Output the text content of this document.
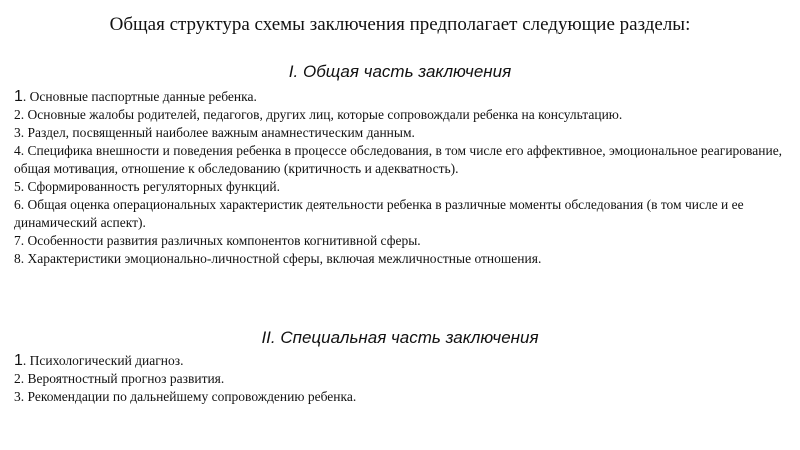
Общая структура схемы заключения предполагает следующие разделы:
I. Общая часть заключения
1. Основные паспортные данные ребенка.
2. Основные жалобы родителей, педагогов, других лиц, которые сопровождали ребенка на консультацию.
3. Раздел, посвященный наиболее важным анамнестическим данным.
4. Специфика внешности и поведения ребенка в процессе обследования, в том числе его аффективное, эмоциональное реагирование, общая мотивация, отношение к обследованию (критичность и адекватность).
5. Сформированность регуляторных функций.
6. Общая оценка операциональных характеристик деятельности ребенка в различные моменты обследования (в том числе и ее динамический аспект).
7. Особенности развития различных компонентов когнитивной сферы.
8. Характеристики эмоционально-личностной сферы, включая межличностные отношения.
II. Специальная часть заключения
1. Психологический диагноз.
2. Вероятностный прогноз развития.
3. Рекомендации по дальнейшему сопровождению ребенка.
